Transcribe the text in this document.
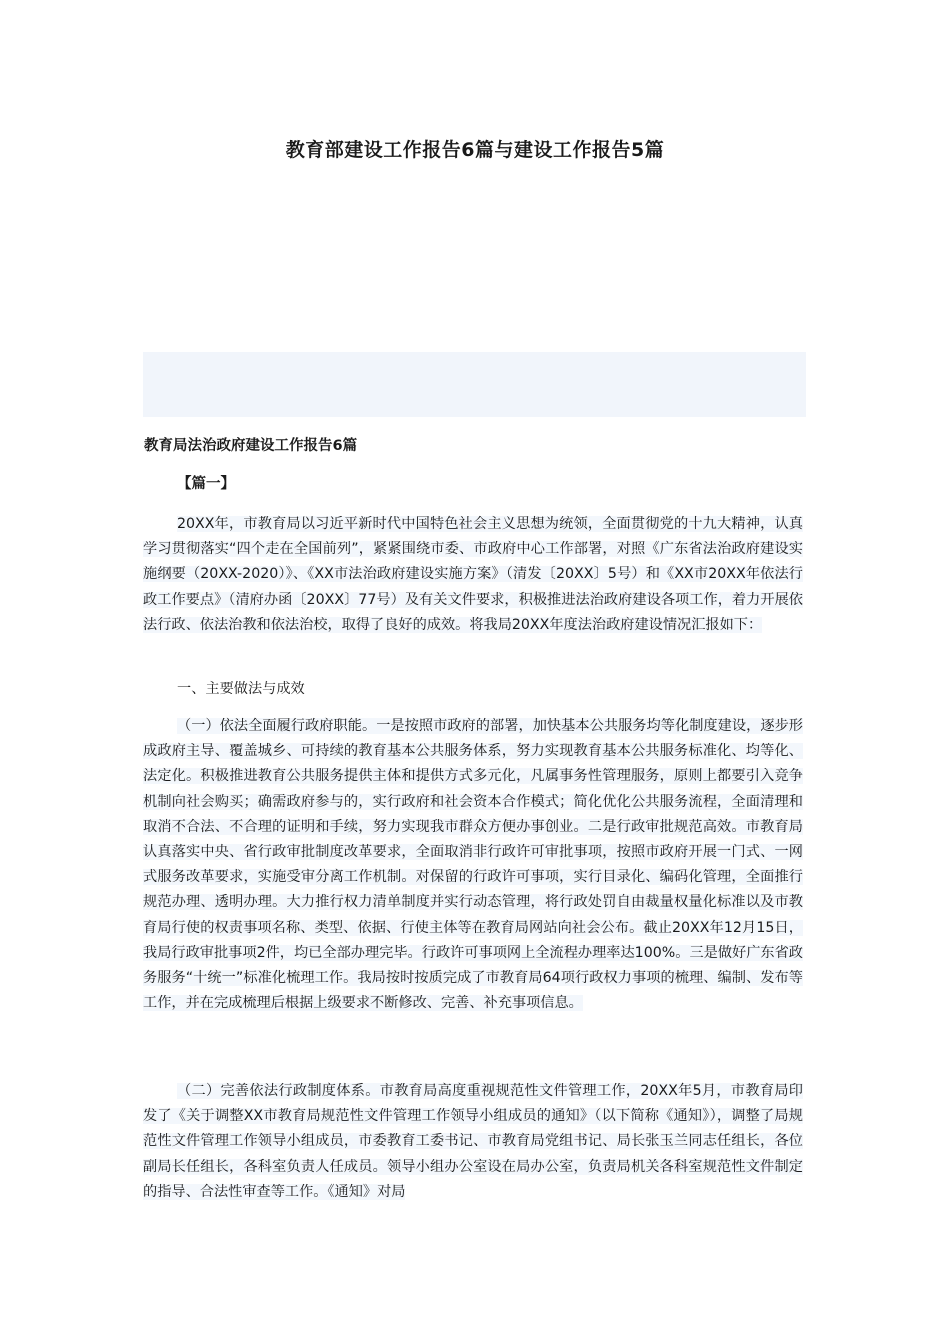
教育部建设工作报告6篇与建设工作报告5篇
教育局法治政府建设工作报告6篇

【篇一】

20XX年，市教育局以习近平新时代中国特色社会主义思想为统领，全面贯彻党的十九大精神，认真学习贯彻落实“四个走在全国前列”，紧紧围绕市委、市政府中心工作部署，对照《广东省法治政府建设实施纲要（20XX-2020）》、《XX市法治政府建设实施方案》（清发〔20XX〕5号）和《XX市20XX年依法行政工作要点》（清府办函〔20XX〕77号）及有关文件要求，积极推进法治政府建设各项工作，着力开展依法行政、依法治教和依法治校，取得了良好的成效。将我局20XX年度法治政府建设情况汇报如下：

一、主要做法与成效

（一）依法全面履行政府职能。一是按照市政府的部署，加快基本公共服务均等化制度建设，逐步形成政府主导、覆盖城乡、可持续的教育基本公共服务体系，努力实现教育基本公共服务标准化、均等化、法定化。积极推进教育公共服务提供主体和提供方式多元化，凡属事务性管理服务，原则上都要引入竞争机制向社会购买；确需政府参与的，实行政府和社会资本合作模式；简化优化公共服务流程，全面清理和取消不合法、不合理的证明和手续，努力实现我市群众方便办事创业。二是行政审批规范高效。市教育局认真落实中央、省行政审批制度改革要求，全面取消非行政许可审批事项，按照市政府开展一门式、一网式服务改革要求，实施受审分离工作机制。对保留的行政许可事项，实行目录化、编码化管理，全面推行规范办理、透明办理。大力推行权力清单制度并实行动态管理，将行政处罚自由裁量权量化标准以及市教育局行使的权责事项名称、类型、依据、行使主体等在教育局网站向社会公布。截止20XX年12月15日，我局行政审批事项2件，均已全部办理完毕。行政许可事项网上全流程办理率达100%。三是做好广东省政务服务“十统一”标准化梳理工作。我局按时按质完成了市教育局64项行政权力事项的梳理、编制、发布等工作，并在完成梳理后根据上级要求不断修改、完善、补充事项信息。

（二）完善依法行政制度体系。市教育局高度重视规范性文件管理工作，20XX年5月，市教育局印发了《关于调整XX市教育局规范性文件管理工作领导小组成员的通知》（以下简称《通知》），调整了局规范性文件管理工作领导小组成员，市委教育工委书记、市教育局党组书记、局长张玉兰同志任组长，各位副局长任组长，各科室负责人任成员。领导小组办公室设在局办公室，负责局机关各科室规范性文件制定的指导、合法性审查等工作。《通知》对局
